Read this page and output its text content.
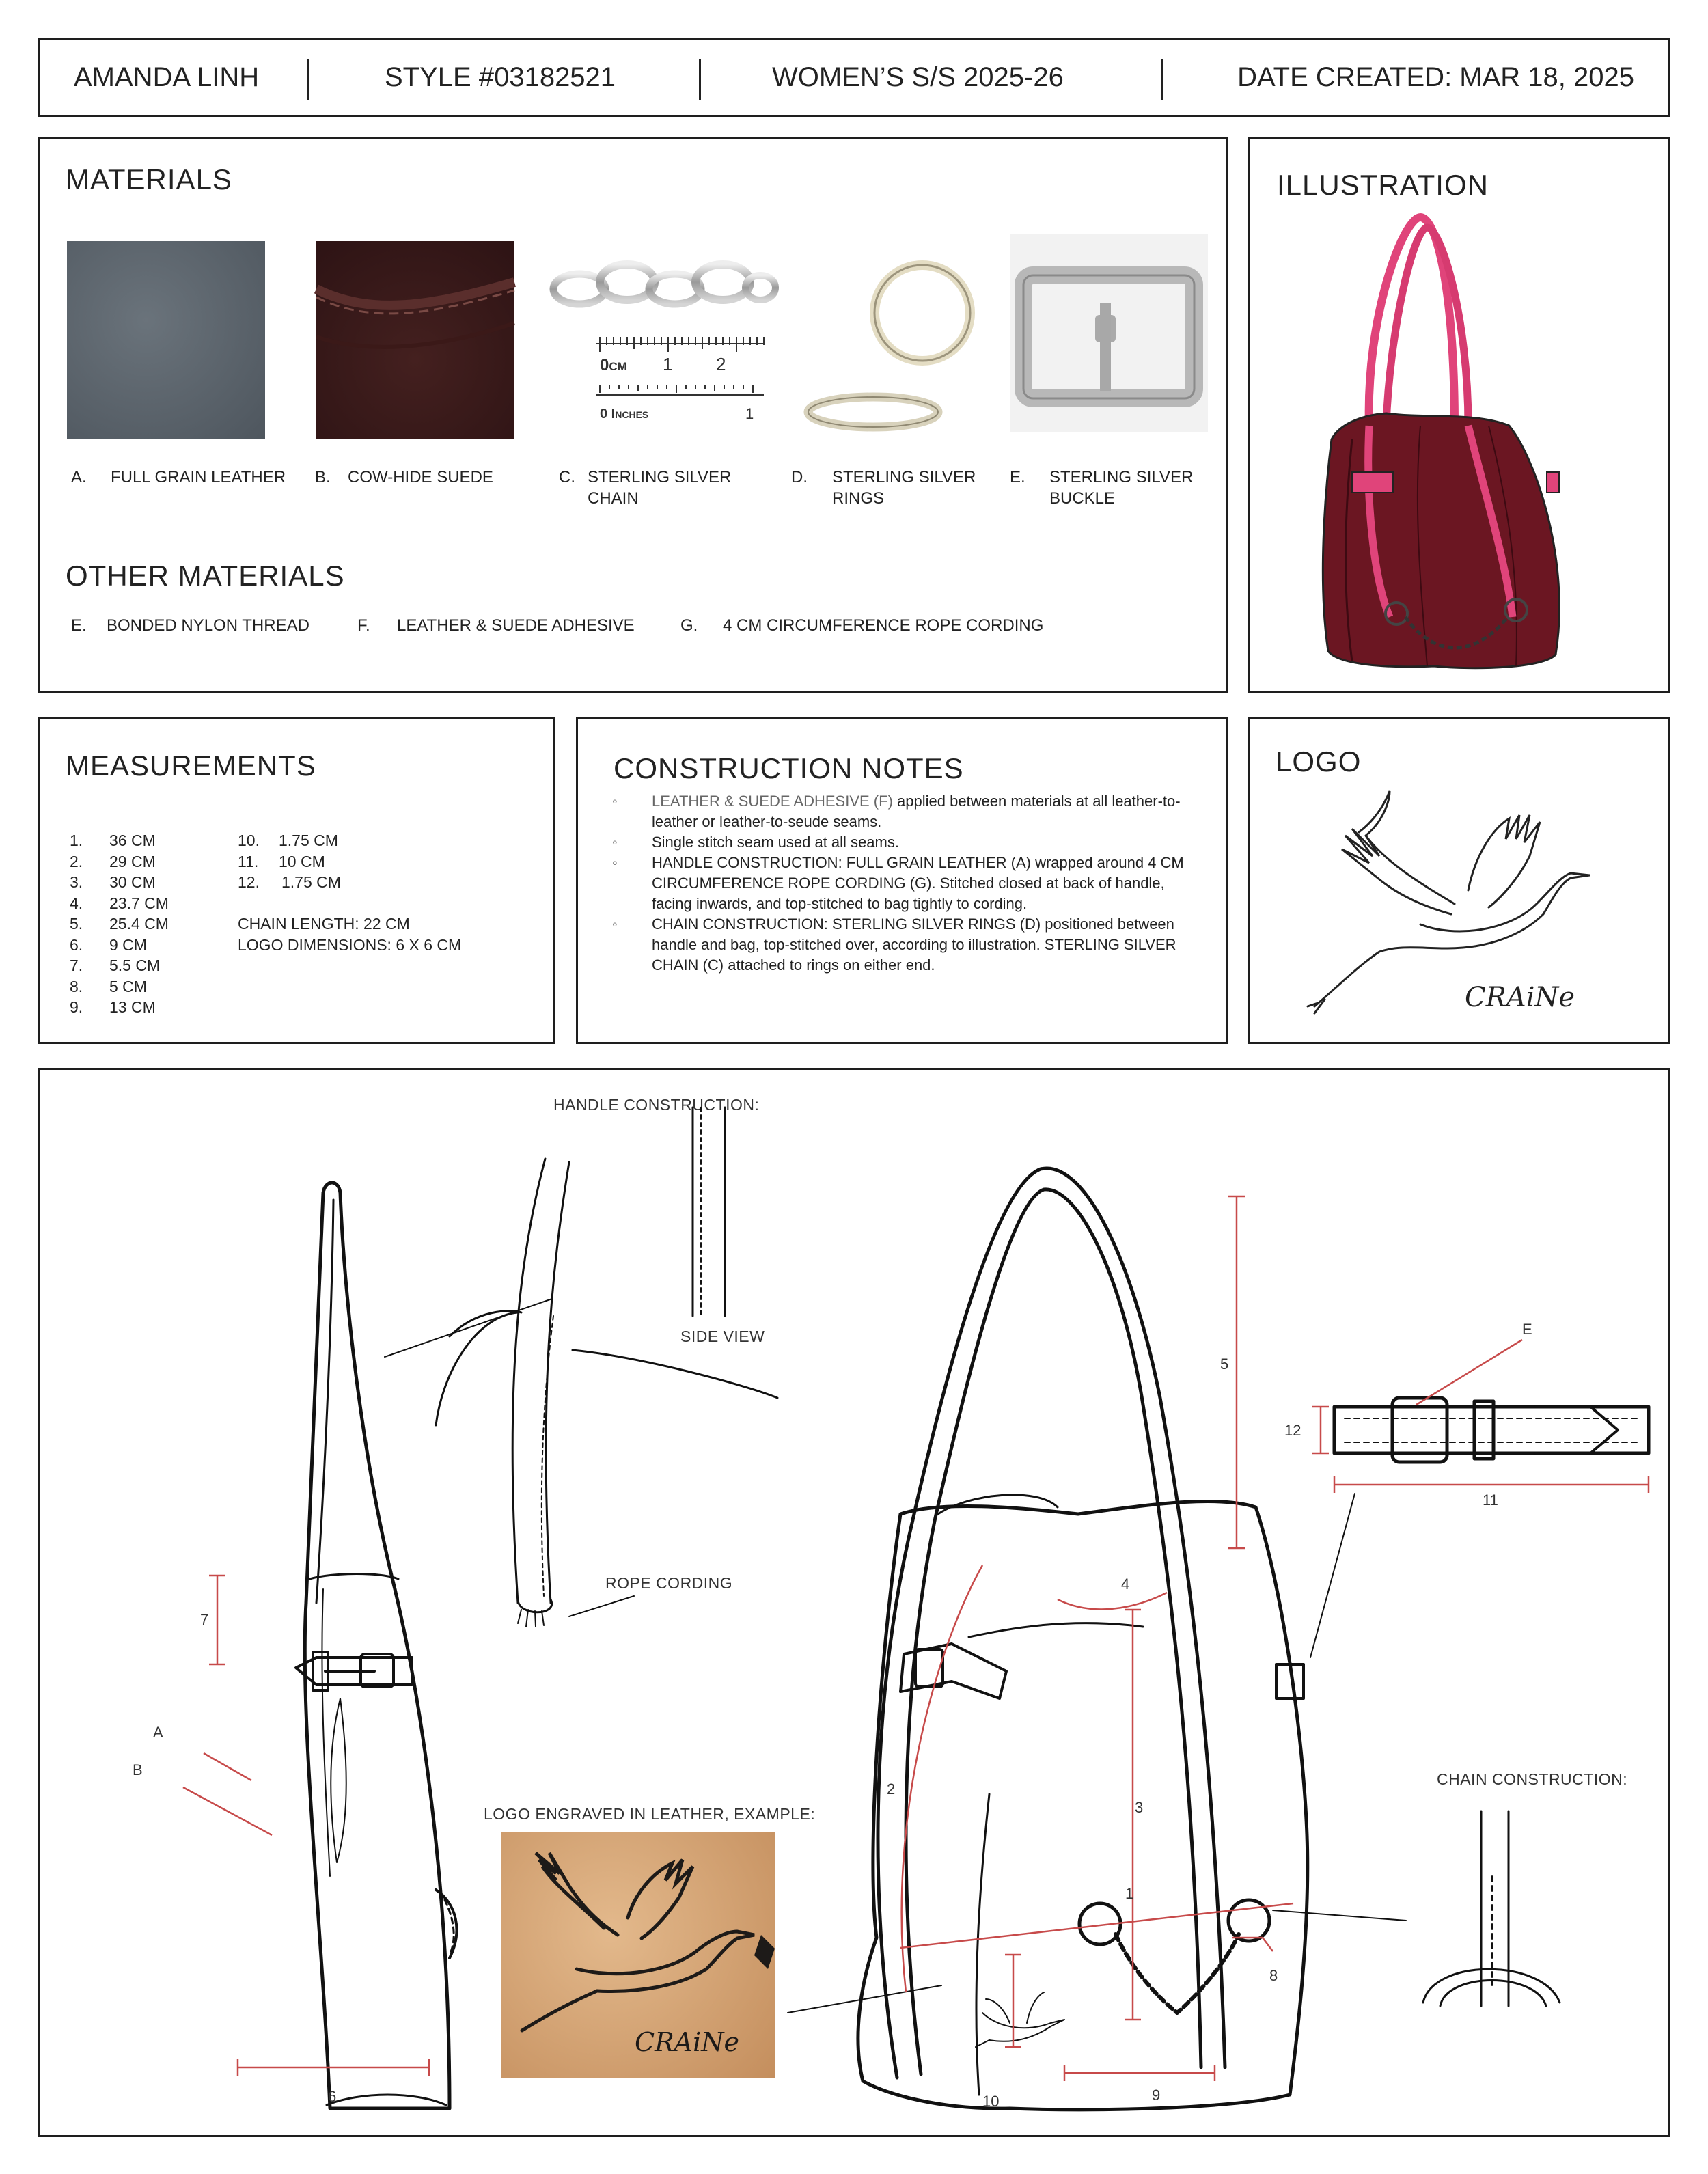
AMANDA LINH	STYLE #03182521	WOMEN’S S/S 2025-26	DATE CREATED: MAR 18, 2025
MATERIALS
0cm 1 2
0 Inches	1
A. FULL GRAIN LEATHER	B. COW-HIDE SUEDE	C. STERLING SILVER
CHAIN
D. STERLING SILVER
RINGS
E. STERLING SILVER
BUCKLE
OTHER MATERIALS
E. BONDED NYLON THREAD	F. LEATHER & SUEDE ADHESIVE	G. 4 CM CIRCUMFERENCE ROPE CORDING
ILLUSTRATION
MEASUREMENTS
1. 36 CM
2. 29 CM
3. 30 CM
4. 23.7 CM
5. 25.4 CM
6. 9 CM
7. 5.5 CM
8. 5 CM
9. 13 CM
10. 1.75 CM
11. 10 CM
12. 1.75 CM
CHAIN LENGTH: 22 CM
LOGO DIMENSIONS: 6 X 6 CM
CONSTRUCTION NOTES
◦ LEATHER & SUEDE ADHESIVE (F) applied between materials at all leather-to-leather or leather-to-seude seams.
◦ Single stitch seam used at all seams.
◦ HANDLE CONSTRUCTION: FULL GRAIN LEATHER (A) wrapped around 4 CM CIRCUMFERENCE ROPE CORDING (G). Stitched closed at back of handle, facing inwards, and top-stitched to bag tightly to cording.
◦ CHAIN CONSTRUCTION: STERLING SILVER RINGS (D) positioned between handle and bag, top-stitched over, according to illustration. STERLING SILVER CHAIN (C) attached to rings on either end.
LOGO
CRAiNe
HANDLE CONSTRUCTION:
SIDE VIEW
ROPE CORDING
LOGO ENGRAVED IN LEATHER, EXAMPLE:
CHAIN CONSTRUCTION:
7
6
A
B
5
4
3
2
1
8
9
10
11
12
E
CRAiNe
